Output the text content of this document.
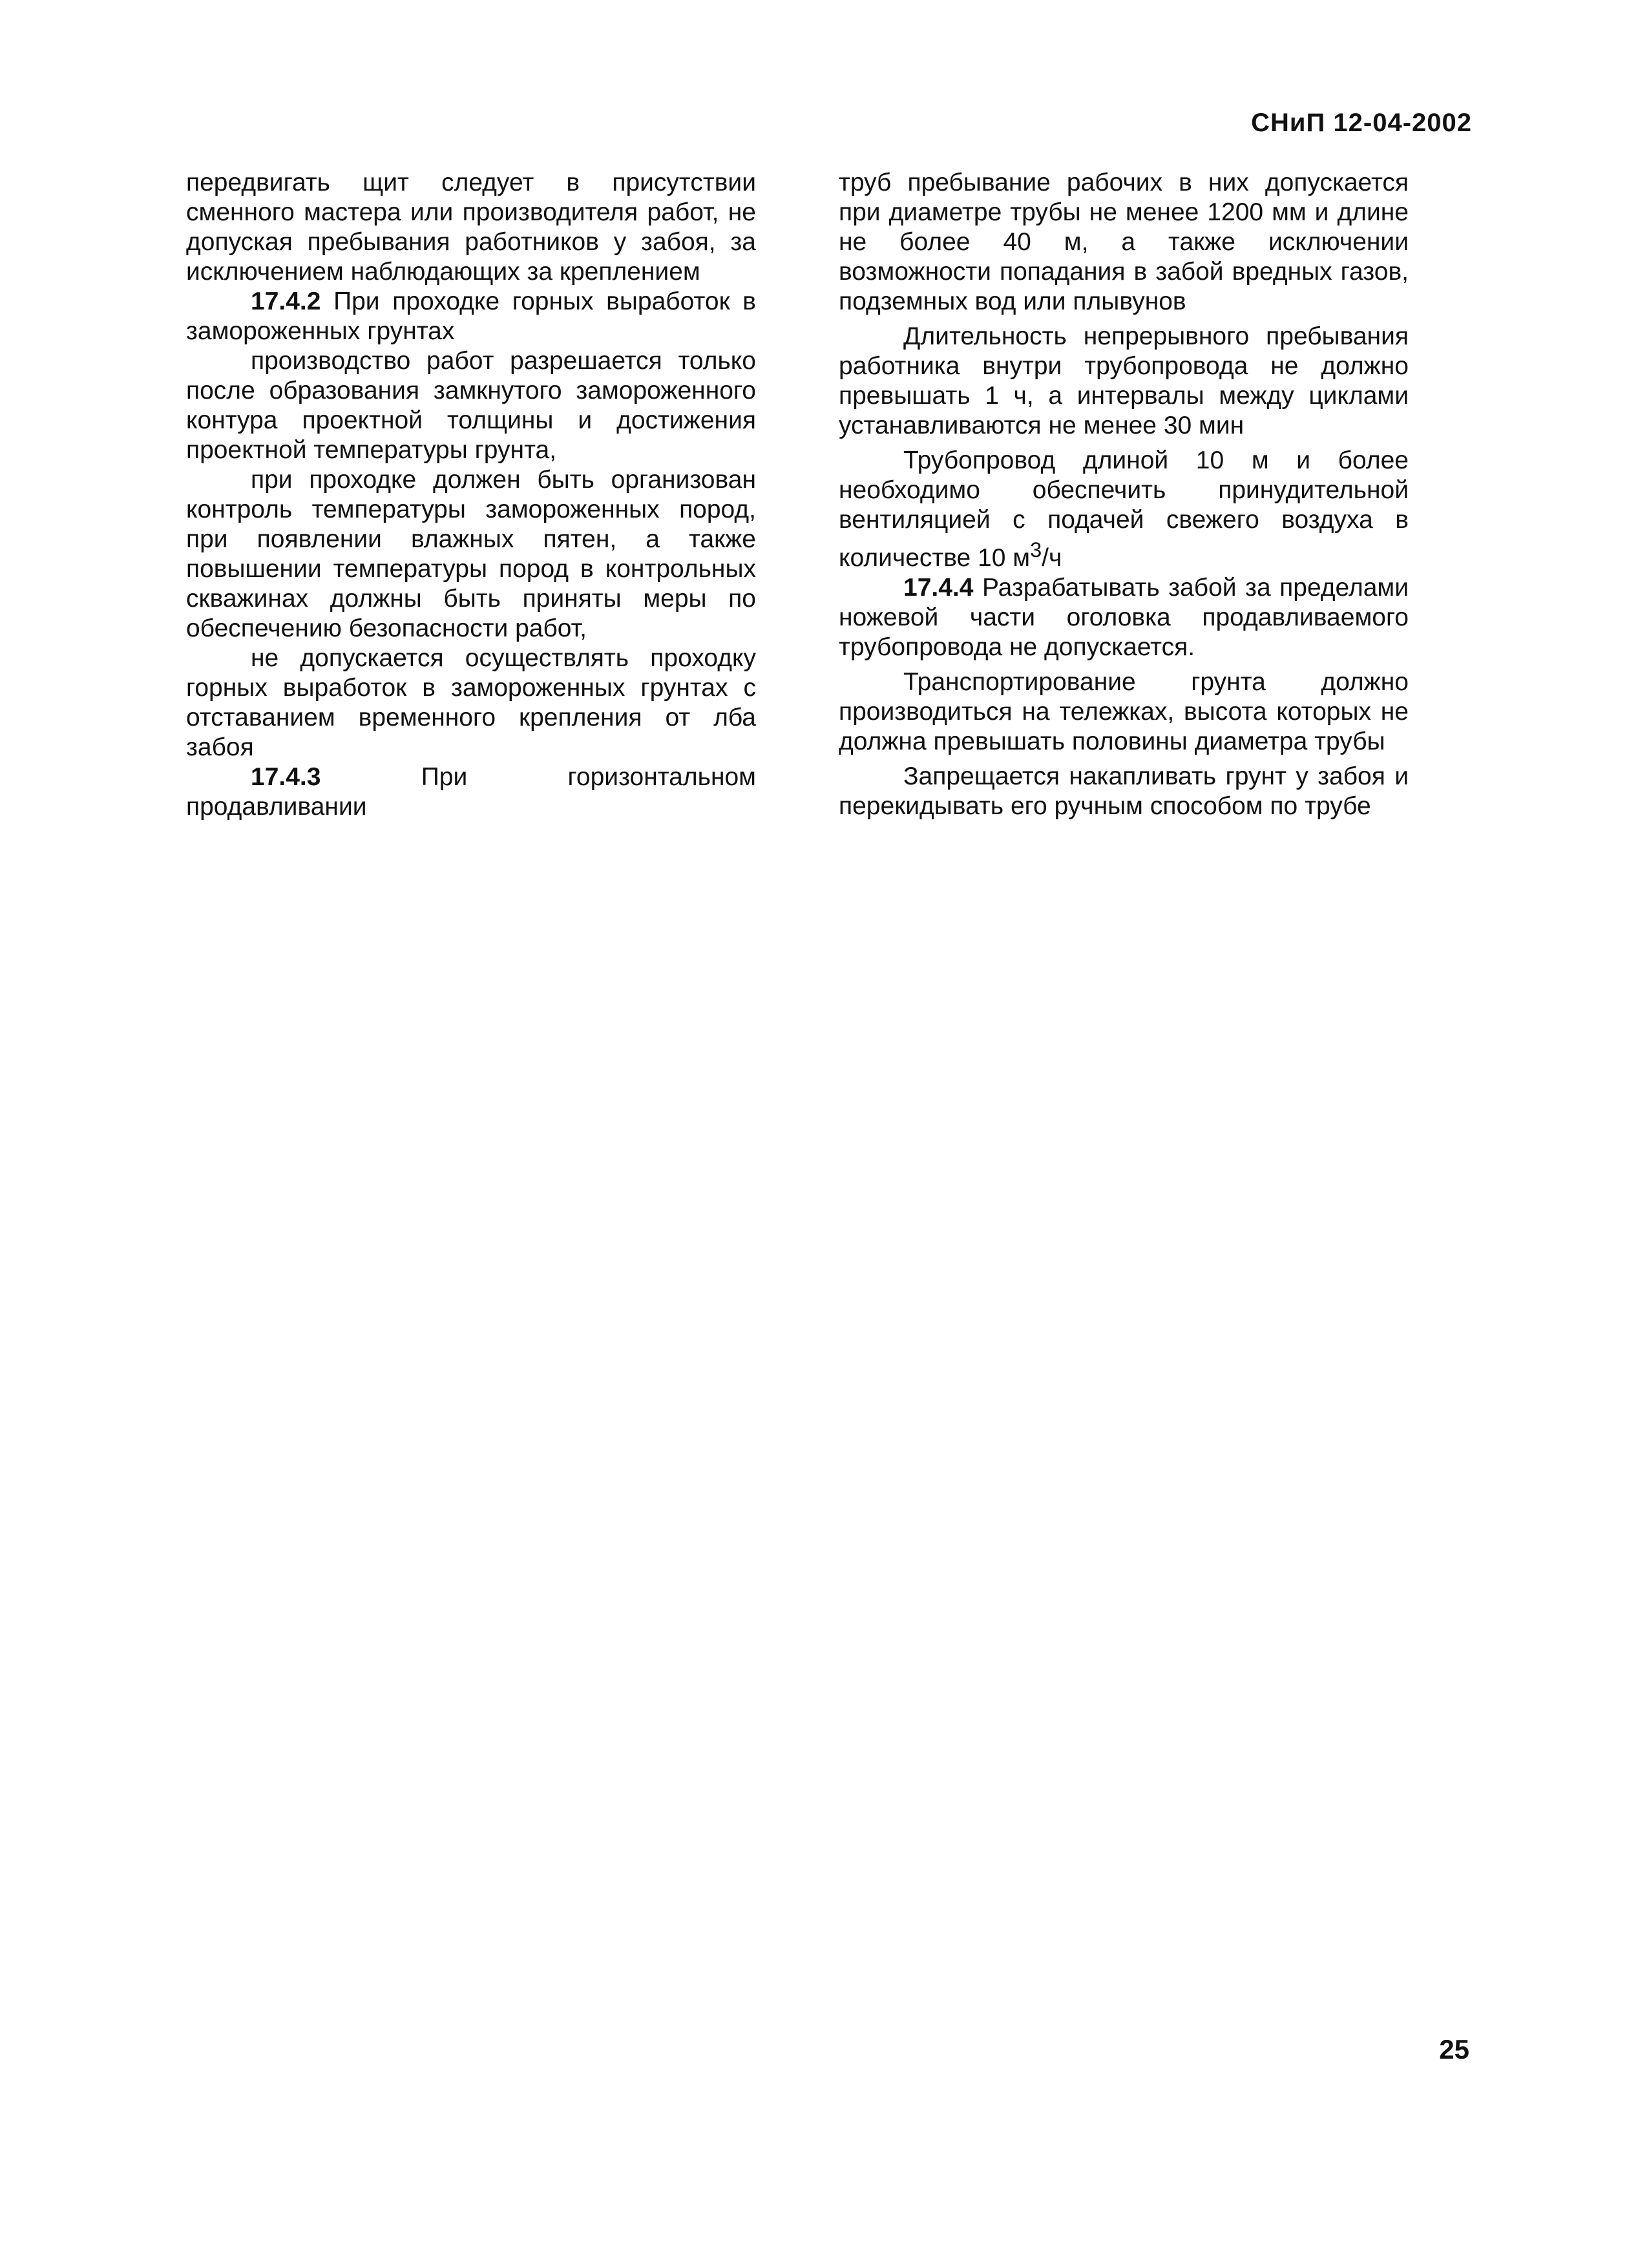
СНиП 12-04-2002

передвигать щит следует в присутствии сменного мастера или производителя работ, не допуская пребывания работников у забоя, за исключением наблюдающих за креплением

17.4.2 При проходке горных выработок в замороженных грунтах

производство работ разрешается только после образования замкнутого замороженного контура проектной толщины и достижения проектной температуры грунта,

при проходке должен быть организован контроль температуры замороженных пород, при появлении влажных пятен, а также повышении температуры пород в контрольных скважинах должны быть приняты меры по обеспечению безопасности работ,

не допускается осуществлять проходку горных выработок в замороженных грунтах с отставанием временного крепления от лба забоя

17.4.3 При горизонтальном продавливании

труб пребывание рабочих в них допускается при диаметре трубы не менее 1200 мм и длине не более 40 м, а также исключении возможности попадания в забой вредных газов, подземных вод или плывунов

Длительность непрерывного пребывания работника внутри трубопровода не должно превышать 1 ч, а интервалы между циклами устанавливаются не менее 30 мин

Трубопровод длиной 10 м и более необходимо обеспечить принудительной вентиляцией с подачей свежего воздуха в количестве 10 $м^3/ч$

17.4.4 Разрабатывать забой за пределами ножевой части оголовка продавливаемого трубопровода не допускается.

Транспортирование грунта должно производиться на тележках, высота которых не должна превышать половины диаметра трубы

Запрещается накапливать грунт у забоя и перекидывать его ручным способом по трубе

25
